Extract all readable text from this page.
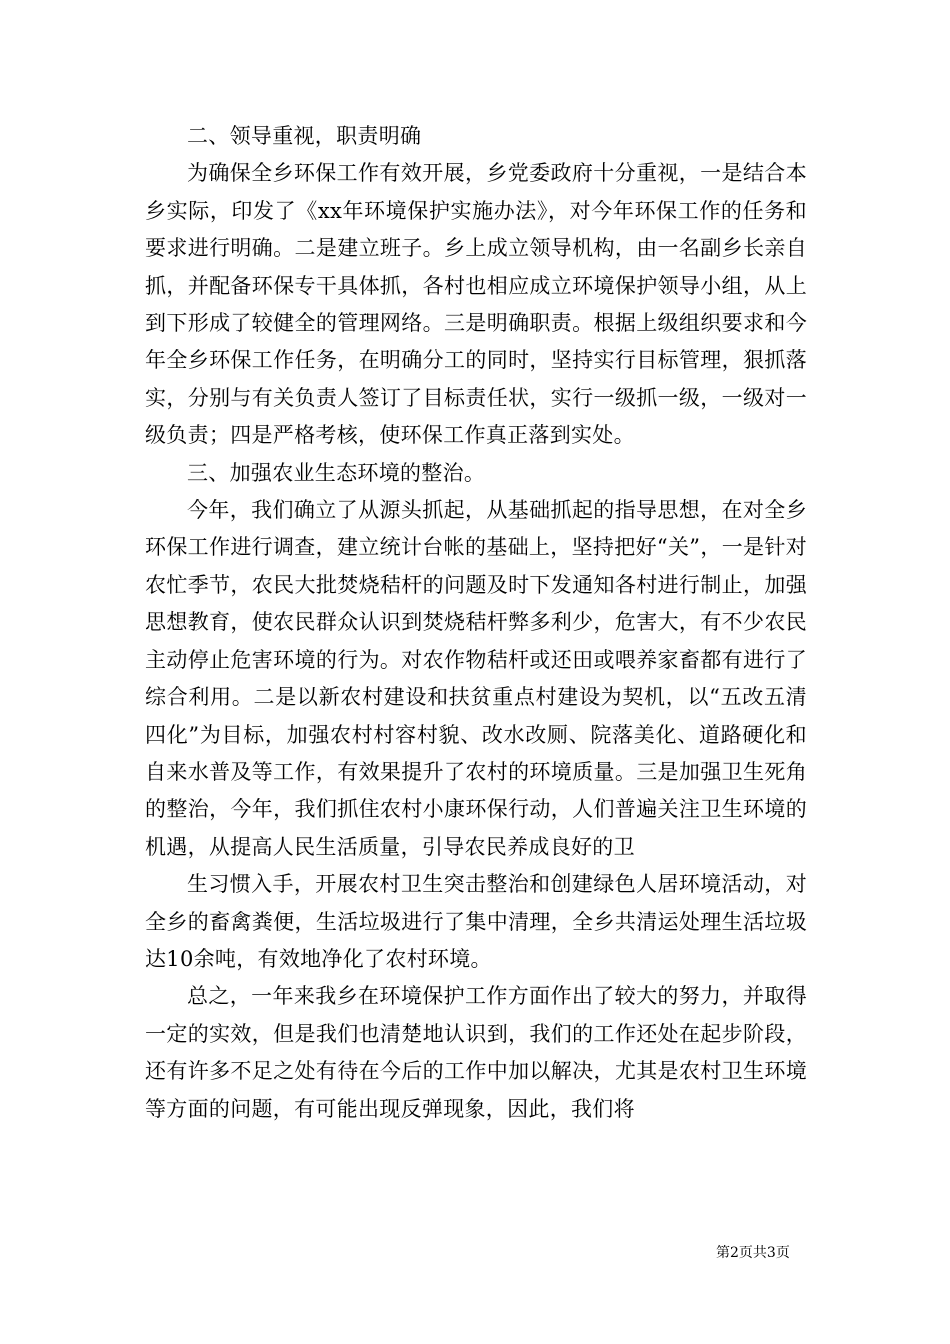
二、领导重视，职责明确

为确保全乡环保工作有效开展，乡党委政府十分重视，一是结合本乡实际，印发了《xx年环境保护实施办法》，对今年环保工作的任务和要求进行明确。二是建立班子。乡上成立领导机构，由一名副乡长亲自抓，并配备环保专干具体抓，各村也相应成立环境保护领导小组，从上到下形成了较健全的管理网络。三是明确职责。根据上级组织要求和今年全乡环保工作任务，在明确分工的同时，坚持实行目标管理，狠抓落实，分别与有关负责人签订了目标责任状，实行一级抓一级，一级对一级负责；四是严格考核，使环保工作真正落到实处。

三、加强农业生态环境的整治。

今年，我们确立了从源头抓起，从基础抓起的指导思想，在对全乡环保工作进行调查，建立统计台帐的基础上，坚持把好“关”，一是针对农忙季节，农民大批焚烧秸杆的问题及时下发通知各村进行制止，加强思想教育，使农民群众认识到焚烧秸杆弊多利少，危害大，有不少农民主动停止危害环境的行为。对农作物秸杆或还田或喂养家畜都有进行了综合利用。二是以新农村建设和扶贫重点村建设为契机，以“五改五清四化”为目标，加强农村村容村貌、改水改厕、院落美化、道路硬化和自来水普及等工作，有效果提升了农村的环境质量。三是加强卫生死角的整治，今年，我们抓住农村小康环保行动，人们普遍关注卫生环境的机遇，从提高人民生活质量，引导农民养成良好的卫

生习惯入手，开展农村卫生突击整治和创建绿色人居环境活动，对全乡的畜禽粪便，生活垃圾进行了集中清理，全乡共清运处理生活垃圾达10余吨，有效地净化了农村环境。

总之，一年来我乡在环境保护工作方面作出了较大的努力，并取得一定的实效，但是我们也清楚地认识到，我们的工作还处在起步阶段，还有许多不足之处有待在今后的工作中加以解决，尤其是农村卫生环境等方面的问题，有可能出现反弹现象，因此，我们将

第2页共3页
